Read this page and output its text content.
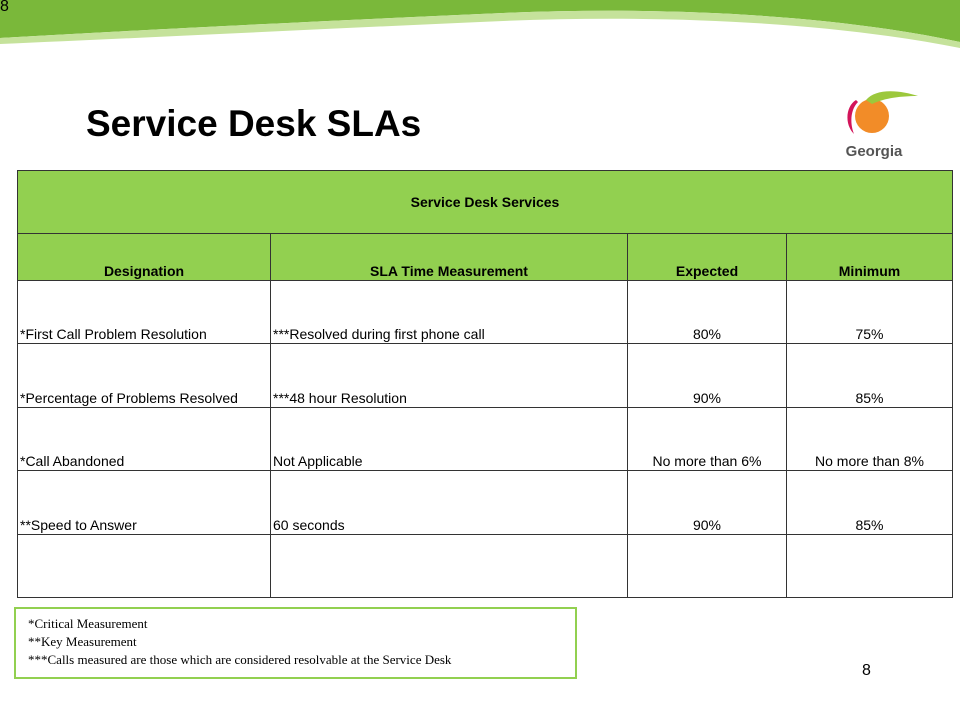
8
Service Desk SLAs
Georgia
Service Desk Services			
Designation	SLA Time Measurement	Expected	Minimum
*First Call Problem Resolution	***Resolved during first phone call	80%	75%
*Percentage of Problems Resolved	***48 hour Resolution	90%	85%
*Call Abandoned	Not Applicable	No more than 6%	No more than 8%
**Speed to Answer	60 seconds	90%	85%

*Critical Measurement
**Key Measurement
***Calls measured are those which are considered resolvable at the Service Desk
8
